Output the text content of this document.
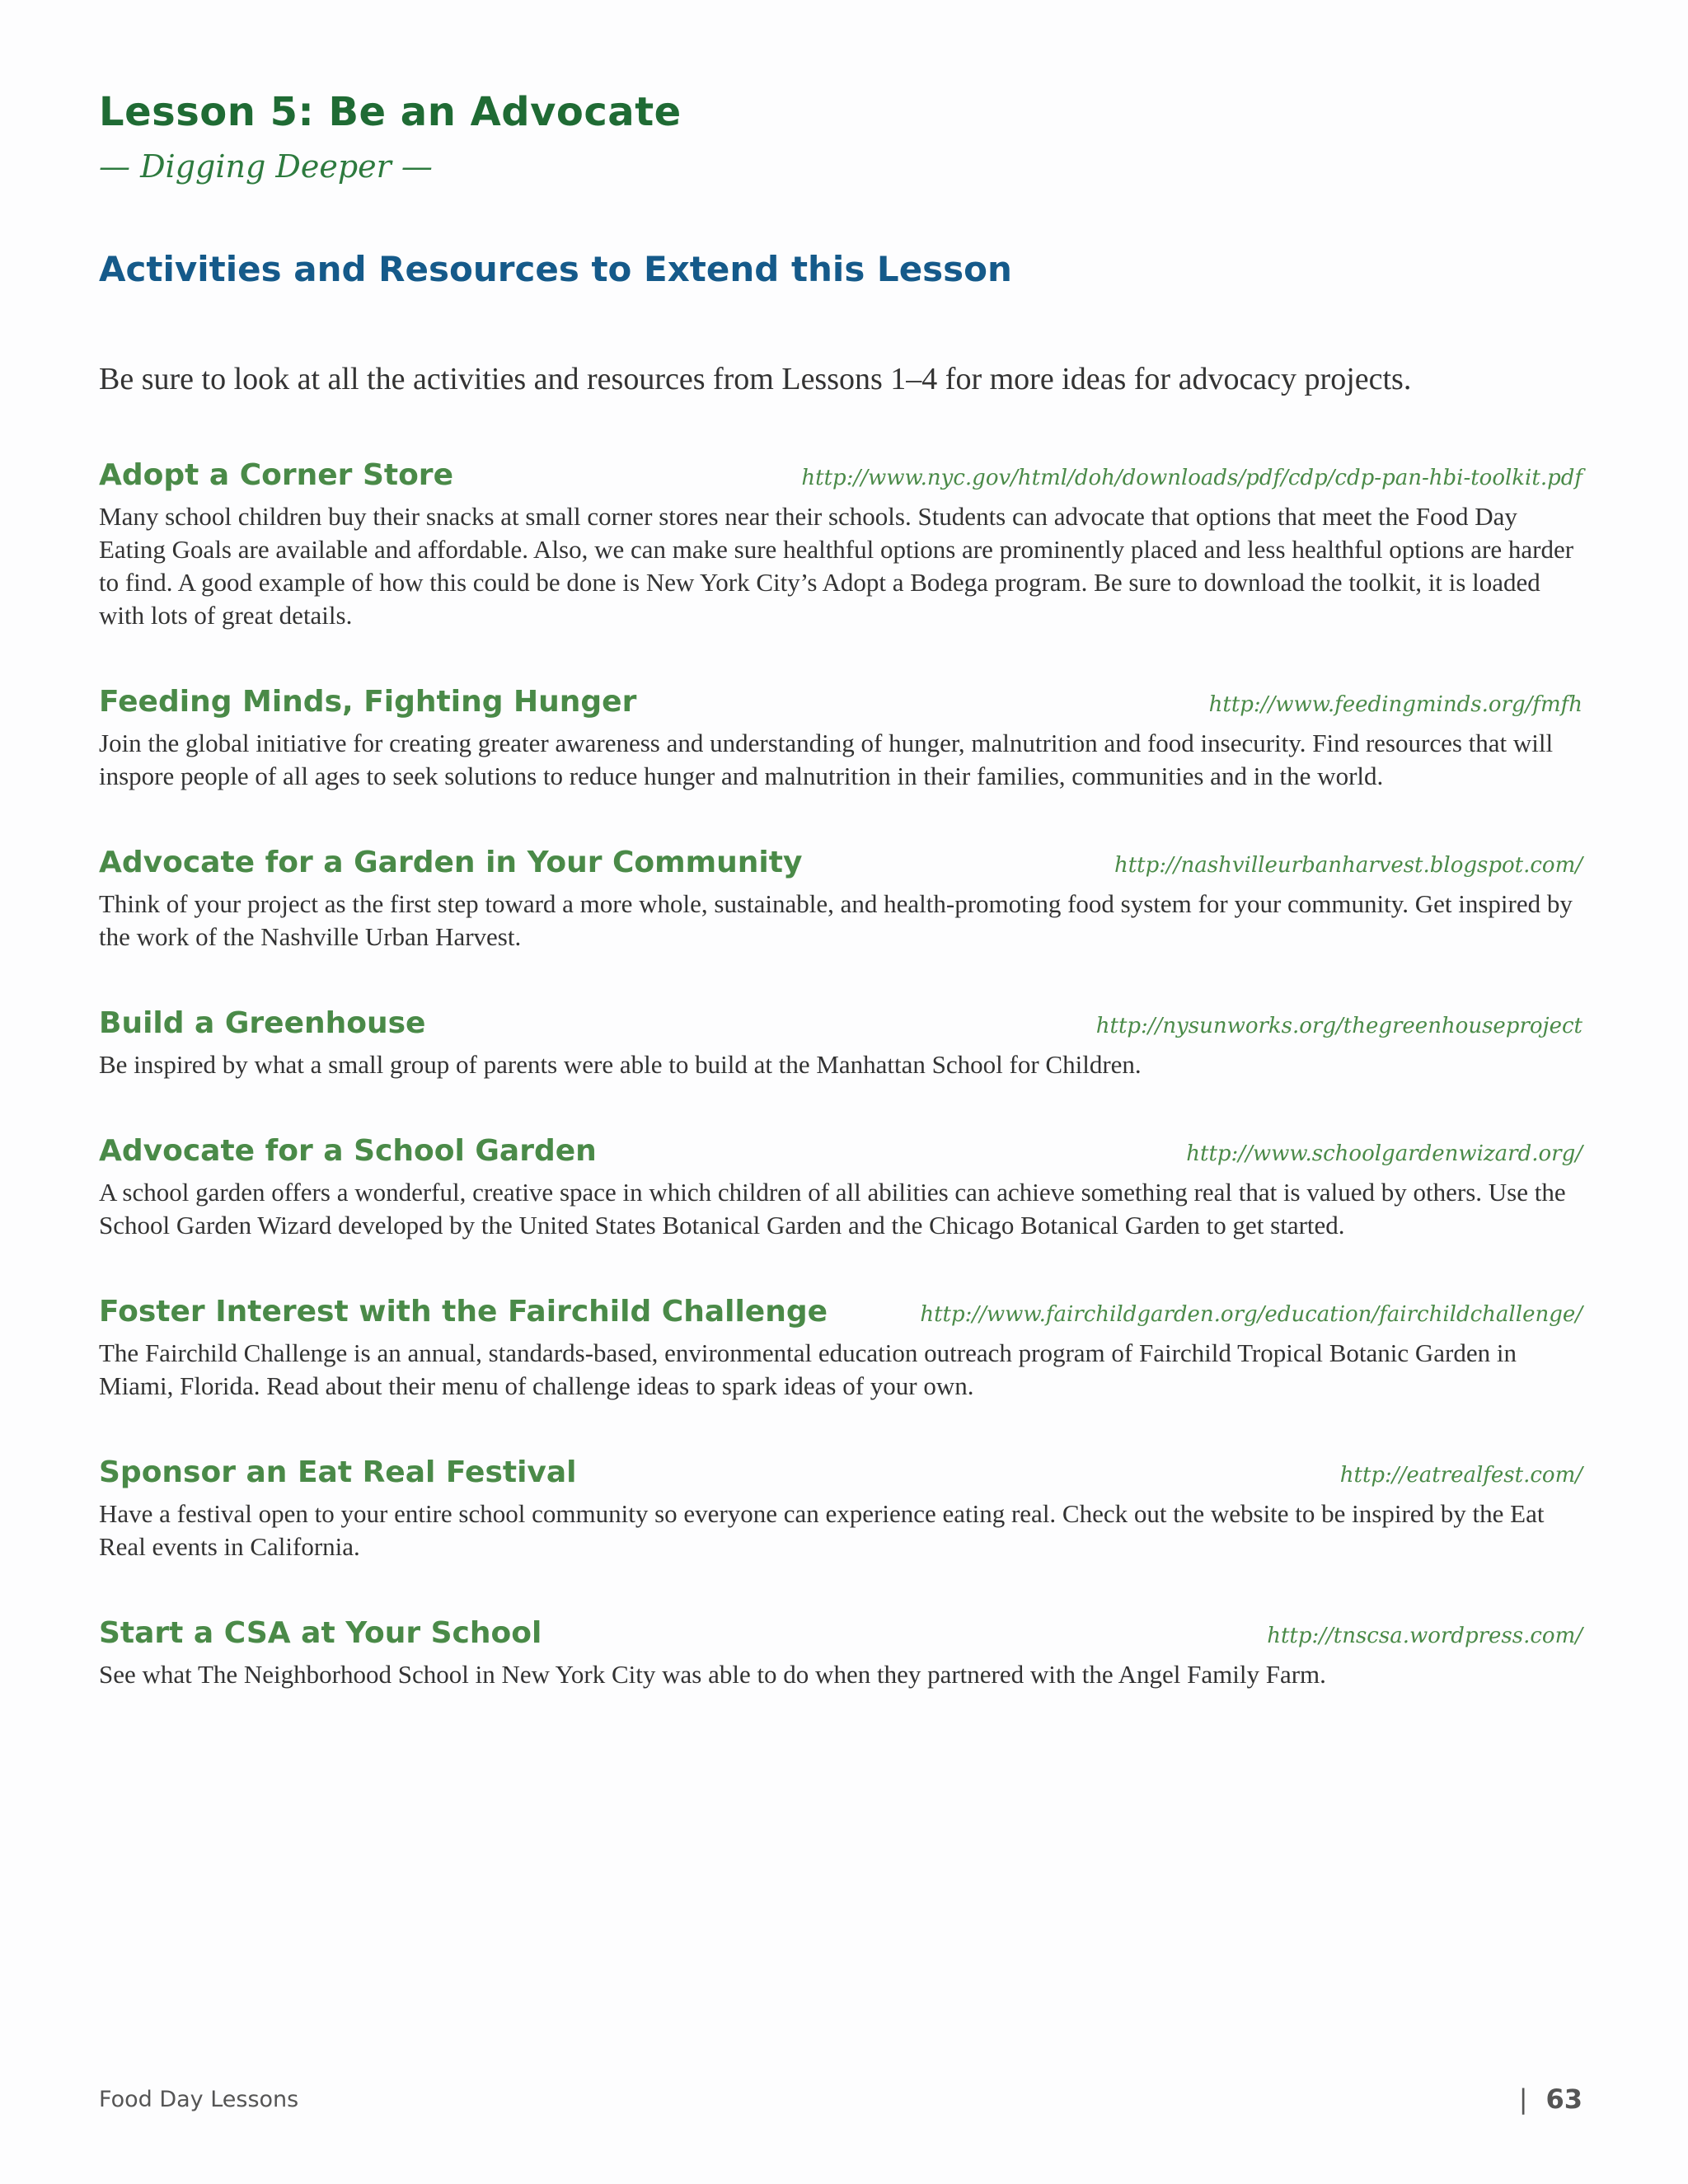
Lesson 5: Be an Advocate

— Digging Deeper —

Activities and Resources to Extend this Lesson

Be sure to look at all the activities and resources from Lessons 1–4 for more ideas for advocacy projects.

Adopt a Corner Store	http://www.nyc.gov/html/doh/downloads/pdf/cdp/cdp-pan-hbi-toolkit.pdf

Many school children buy their snacks at small corner stores near their schools. Students can advocate that options that meet the Food Day Eating Goals are available and affordable. Also, we can make sure healthful options are prominently placed and less healthful options are harder to find. A good example of how this could be done is New York City’s Adopt a Bodega program. Be sure to download the toolkit, it is loaded with lots of great details.

Feeding Minds, Fighting Hunger	http://www.feedingminds.org/fmfh

Join the global initiative for creating greater awareness and understanding of hunger, malnutrition and food insecurity. Find resources that will inspore people of all ages to seek solutions to reduce hunger and malnutrition in their families, communities and in the world.

Advocate for a Garden in Your Community	http://nashvilleurbanharvest.blogspot.com/

Think of your project as the first step toward a more whole, sustainable, and health-promoting food system for your community. Get inspired by the work of the Nashville Urban Harvest.

Build a Greenhouse	http://nysunworks.org/thegreenhouseproject

Be inspired by what a small group of parents were able to build at the Manhattan School for Children.

Advocate for a School Garden	http://www.schoolgardenwizard.org/

A school garden offers a wonderful, creative space in which children of all abilities can achieve something real that is valued by others. Use the School Garden Wizard developed by the United States Botanical Garden and the Chicago Botanical Garden to get started.

Foster Interest with the Fairchild Challenge	http://www.fairchildgarden.org/education/fairchildchallenge/

The Fairchild Challenge is an annual, standards-based, environmental education outreach program of Fairchild Tropical Botanic Garden in Miami, Florida. Read about their menu of challenge ideas to spark ideas of your own.

Sponsor an Eat Real Festival	http://eatrealfest.com/

Have a festival open to your entire school community so everyone can experience eating real. Check out the website to be inspired by the Eat Real events in California.

Start a CSA at Your School	http://tnscsa.wordpress.com/

See what The Neighborhood School in New York City was able to do when they partnered with the Angel Family Farm.

Food Day Lessons	| 63
